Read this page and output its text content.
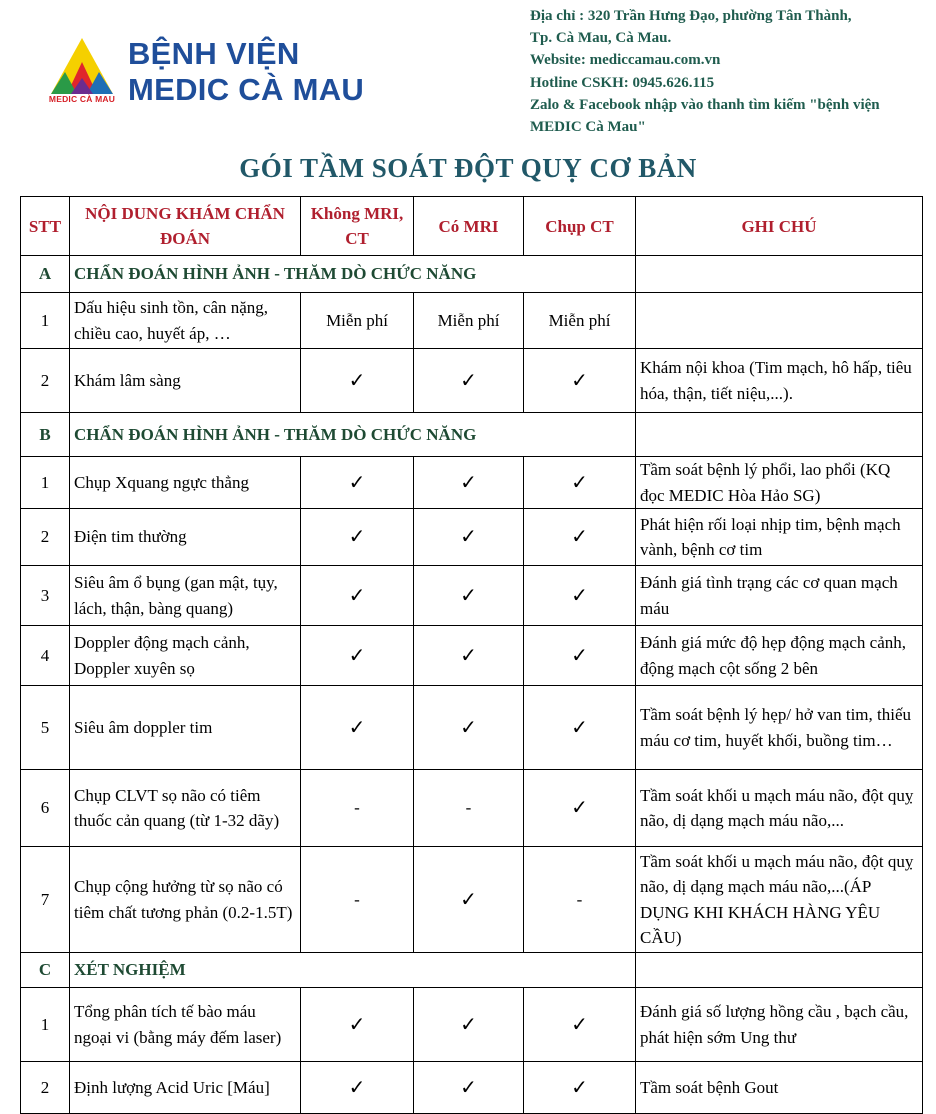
MEDIC CÀ MAU
BỆNH VIỆN
MEDIC CÀ MAU
Địa chỉ : 320 Trần Hưng Đạo, phường Tân Thành,
Tp. Cà Mau, Cà Mau.
Website: mediccamau.com.vn
Hotline CSKH: 0945.626.115
Zalo & Facebook nhập vào thanh tìm kiếm "bệnh viện MEDIC Cà Mau"
GÓI TẦM SOÁT ĐỘT QUỴ CƠ BẢN
STT	NỘI DUNG KHÁM CHẨN ĐOÁN	Không MRI, CT	Có MRI	Chụp CT	GHI CHÚ
A	CHẨN ĐOÁN HÌNH ẢNH - THĂM DÒ CHỨC NĂNG				
1	Dấu hiệu sinh tồn, cân nặng, chiều cao, huyết áp, …	Miễn phí	Miễn phí	Miễn phí	
2	Khám lâm sàng	✓	✓	✓	Khám nội khoa (Tim mạch, hô hấp, tiêu hóa, thận, tiết niệu,...).
B	CHẨN ĐOÁN HÌNH ẢNH - THĂM DÒ CHỨC NĂNG				
1	Chụp Xquang ngực thẳng	✓	✓	✓	Tầm soát bệnh lý phổi, lao phổi (KQ đọc MEDIC Hòa Hảo SG)
2	Điện tim thường	✓	✓	✓	Phát hiện rối loại nhịp tim, bệnh mạch vành, bệnh cơ tim
3	Siêu âm ổ bụng (gan mật, tụy, lách, thận, bàng quang)	✓	✓	✓	Đánh giá tình trạng các cơ quan mạch máu
4	Doppler động mạch cảnh, Doppler xuyên sọ	✓	✓	✓	Đánh giá mức độ hẹp động mạch cảnh, động mạch cột sống 2 bên
5	Siêu âm doppler tim	✓	✓	✓	Tầm soát bệnh lý hẹp/ hở van tim, thiếu máu cơ tim, huyết khối, buồng tim…
6	Chụp CLVT sọ não có tiêm thuốc cản quang (từ 1-32 dãy)	-	-	✓	Tầm soát khối u mạch máu não, đột quỵ não, dị dạng mạch máu não,...
7	Chụp cộng hưởng từ sọ não có tiêm chất tương phản (0.2-1.5T)	-	✓	-	Tầm soát khối u mạch máu não, đột quỵ não, dị dạng mạch máu não,...(ÁP DỤNG KHI KHÁCH HÀNG YÊU CẦU)
C	XÉT NGHIỆM				
1	Tổng phân tích tế bào máu ngoại vi (bằng máy đếm laser)	✓	✓	✓	Đánh giá số lượng hồng cầu , bạch cầu, phát hiện sớm Ung thư
2	Định lượng Acid Uric [Máu]	✓	✓	✓	Tầm soát bệnh Gout
